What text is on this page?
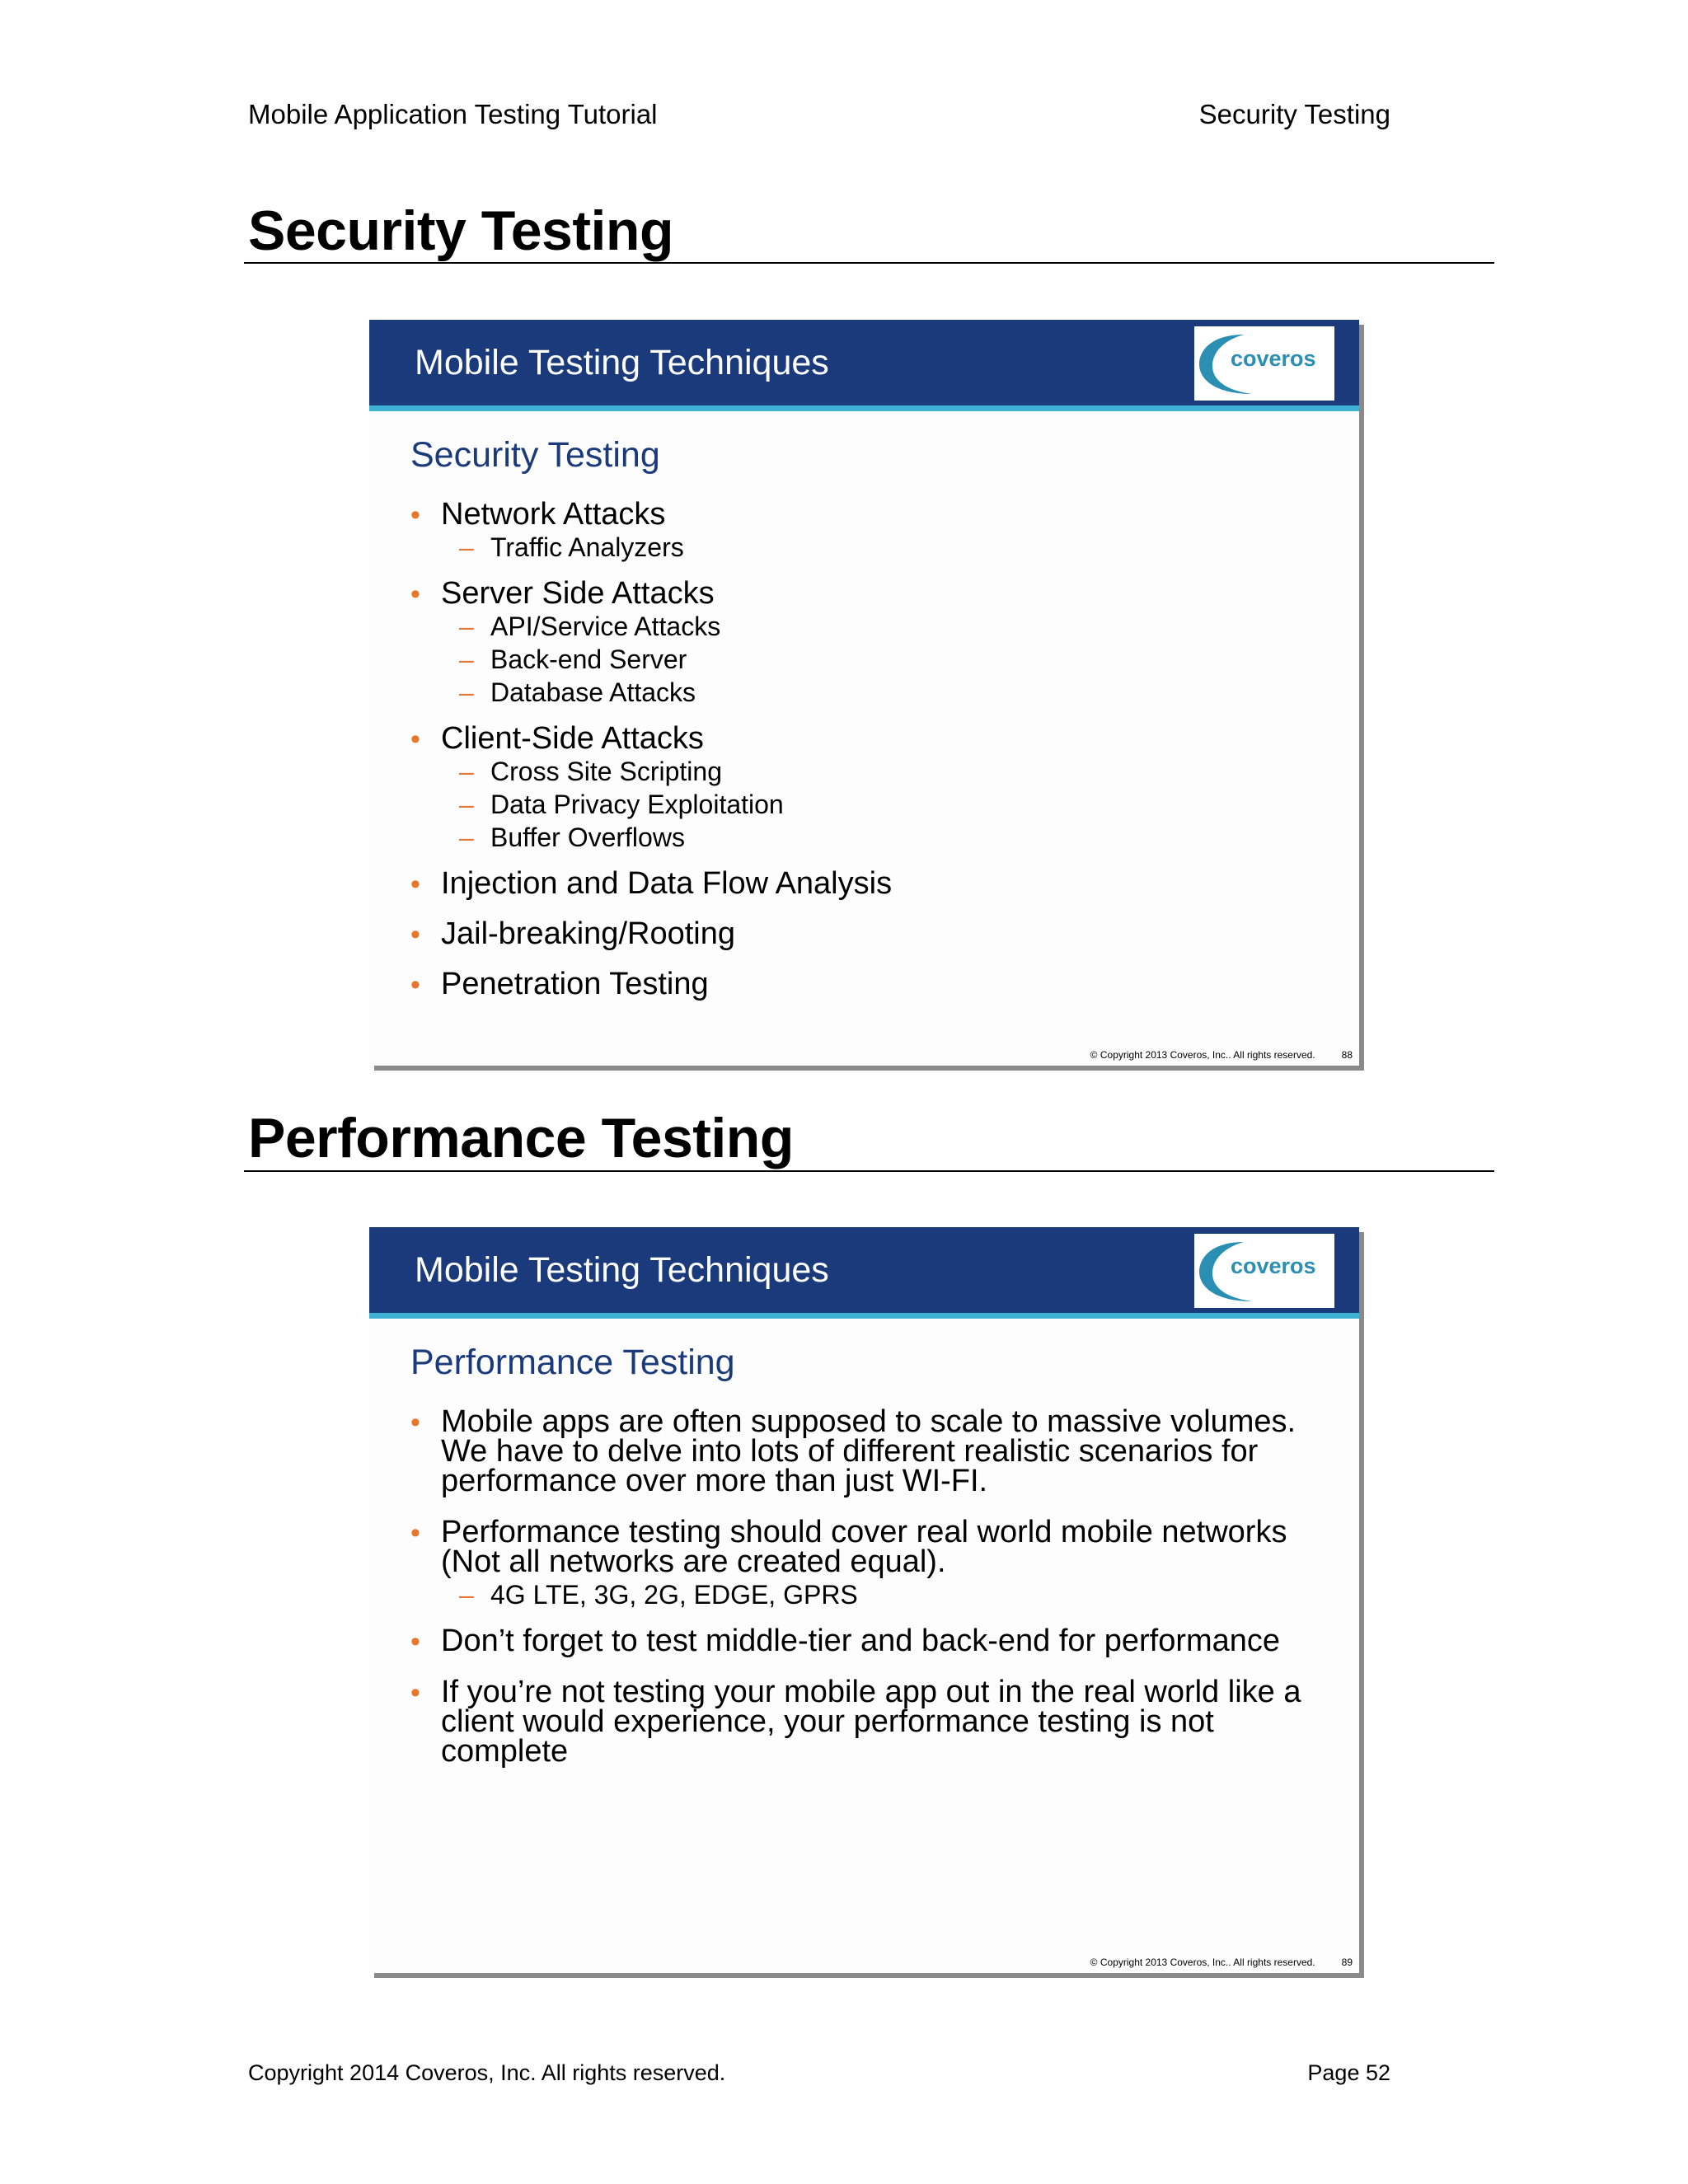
Mobile Application Testing Tutorial	Security Testing
Security Testing
Mobile Testing Techniques	coveros
Security Testing
• Network Attacks
– Traffic Analyzers
• Server Side Attacks
– API/Service Attacks
– Back-end Server
– Database Attacks
• Client-Side Attacks
– Cross Site Scripting
– Data Privacy Exploitation
– Buffer Overflows
• Injection and Data Flow Analysis
• Jail-breaking/Rooting
• Penetration Testing
© Copyright 2013 Coveros, Inc.. All rights reserved.	88
Performance Testing
Mobile Testing Techniques	coveros
Performance Testing
• Mobile apps are often supposed to scale to massive volumes. We have to delve into lots of different realistic scenarios for performance over more than just WI-FI.
• Performance testing should cover real world mobile networks (Not all networks are created equal).
– 4G LTE, 3G, 2G, EDGE, GPRS
• Don’t forget to test middle-tier and back-end for performance
• If you’re not testing your mobile app out in the real world like a client would experience, your performance testing is not complete
© Copyright 2013 Coveros, Inc.. All rights reserved.	89
Copyright 2014 Coveros, Inc. All rights reserved.	Page 52
